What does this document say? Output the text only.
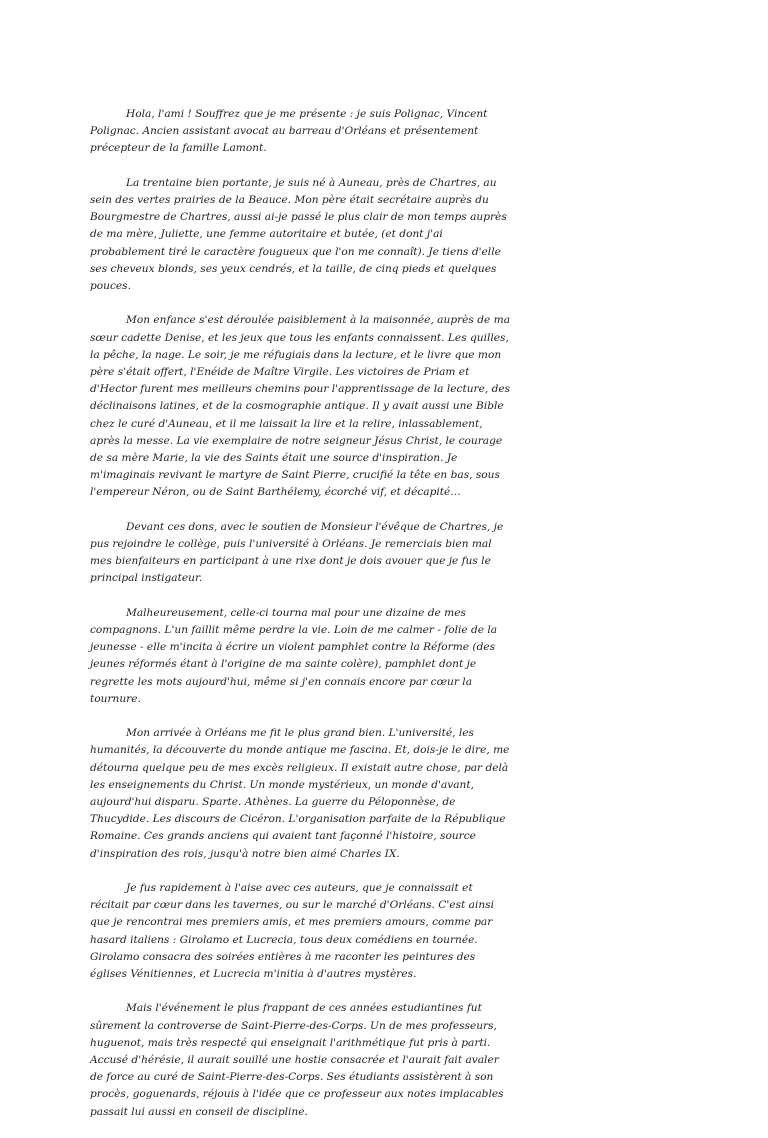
Hola, l'ami ! Souffrez que je me présente : je suis Polignac, Vincent Polignac. Ancien assistant avocat au barreau d'Orléans et présentement précepteur de la famille Lamont.

La trentaine bien portante, je suis né à Auneau, près de Chartres, au sein des vertes prairies de la Beauce. Mon père était secrétaire auprès du Bourgmestre de Chartres, aussi ai-je passé le plus clair de mon temps auprès de ma mère, Juliette, une femme autoritaire et butée, (et dont j'ai probablement tiré le caractère fougueux que l'on me connaît). Je tiens d'elle ses cheveux blonds, ses yeux cendrés, et la taille, de cinq pieds et quelques pouces.

Mon enfance s'est déroulée paisiblement à la maisonnée, auprès de ma sœur cadette Denise, et les jeux que tous les enfants connaissent. Les quilles, la pêche, la nage. Le soir, je me réfugiais dans la lecture, et le livre que mon père s'était offert, l'Enéide de Maître Virgile. Les victoires de Priam et d'Hector furent mes meilleurs chemins pour l'apprentissage de la lecture, des déclinaisons latines, et de la cosmographie antique. Il y avait aussi une Bible chez le curé d'Auneau, et il me laissait la lire et la relire, inlassablement, après la messe. La vie exemplaire de notre seigneur Jésus Christ, le courage de sa mère Marie, la vie des Saints était une source d'inspiration. Je m'imaginais revivant le martyre de Saint Pierre, crucifié la tête en bas, sous l'empereur Néron, ou de Saint Barthélemy, écorché vif, et décapité…

Devant ces dons, avec le soutien de Monsieur l'évêque de Chartres, je pus rejoindre le collège, puis l'université à Orléans. Je remerciais bien mal mes bienfaiteurs en participant à une rixe dont je dois avouer que je fus le principal instigateur.

Malheureusement, celle-ci tourna mal pour une dizaine de mes compagnons. L'un faillit même perdre la vie. Loin de me calmer - folie de la jeunesse - elle m'incita à écrire un violent pamphlet contre la Réforme (des jeunes réformés étant à l'origine de ma sainte colère), pamphlet dont je regrette les mots aujourd'hui, même si j'en connais encore par cœur la tournure.

Mon arrivée à Orléans me fit le plus grand bien. L'université, les humanités, la découverte du monde antique me fascina. Et, dois-je le dire, me détourna quelque peu de mes excès religieux. Il existait autre chose, par delà les enseignements du Christ. Un monde mystérieux, un monde d'avant, aujourd'hui disparu. Sparte. Athènes. La guerre du Péloponnèse, de Thucydide. Les discours de Cicéron. L'organisation parfaite de la République Romaine. Ces grands anciens qui avaient tant façonné l'histoire, source d'inspiration des rois, jusqu'à notre bien aimé Charles IX.

Je fus rapidement à l'aise avec ces auteurs, que je connaissait et récitait par cœur dans les tavernes, ou sur le marché d'Orléans. C'est ainsi que je rencontrai mes premiers amis, et mes premiers amours, comme par hasard italiens : Girolamo et Lucrecia, tous deux comédiens en tournée. Girolamo consacra des soirées entières à me raconter les peintures des églises Vénitiennes, et Lucrecia m'initia à d'autres mystères.

Mais l'événement le plus frappant de ces années estudiantines fut sûrement la controverse de Saint-Pierre-des-Corps. Un de mes professeurs, huguenot, mais très respecté qui enseignait l'arithmétique fut pris à parti. Accusé d'hérésie, il aurait souillé une hostie consacrée et l'aurait fait avaler de force au curé de Saint-Pierre-des-Corps. Ses étudiants assistèrent à son procès, goguenards, réjouis à l'idée que ce professeur aux notes implacables passait lui aussi en conseil de discipline.
